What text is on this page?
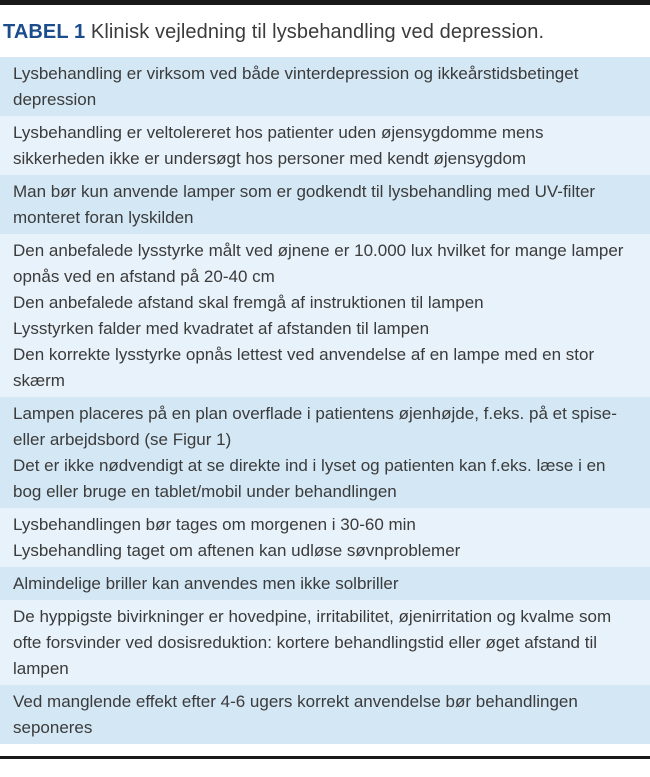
TABEL 1 Klinisk vejledning til lysbehandling ved depression.

Lysbehandling er virksom ved både vinterdepression og ikkeårstidsbetinget depression

Lysbehandling er veltolereret hos patienter uden øjensygdomme mens sikkerheden ikke er undersøgt hos personer med kendt øjensygdom

Man bør kun anvende lamper som er godkendt til lysbehandling med UV-filter monteret foran lyskilden

Den anbefalede lysstyrke målt ved øjnene er 10.000 lux hvilket for mange lamper opnås ved en afstand på 20-40 cm

Den anbefalede afstand skal fremgå af instruktionen til lampen

Lysstyrken falder med kvadratet af afstanden til lampen

Den korrekte lysstyrke opnås lettest ved anvendelse af en lampe med en stor skærm

Lampen placeres på en plan overflade i patientens øjenhøjde, f.eks. på et spise- eller arbejdsbord (se Figur 1)

Det er ikke nødvendigt at se direkte ind i lyset og patienten kan f.eks. læse i en bog eller bruge en tablet/mobil under behandlingen

Lysbehandlingen bør tages om morgenen i 30-60 min

Lysbehandling taget om aftenen kan udløse søvnproblemer

Almindelige briller kan anvendes men ikke solbriller

De hyppigste bivirkninger er hovedpine, irritabilitet, øjenirritation og kvalme som ofte forsvinder ved dosisreduktion: kortere behandlingstid eller øget afstand til lampen

Ved manglende effekt efter 4-6 ugers korrekt anvendelse bør behandlingen seponeres
